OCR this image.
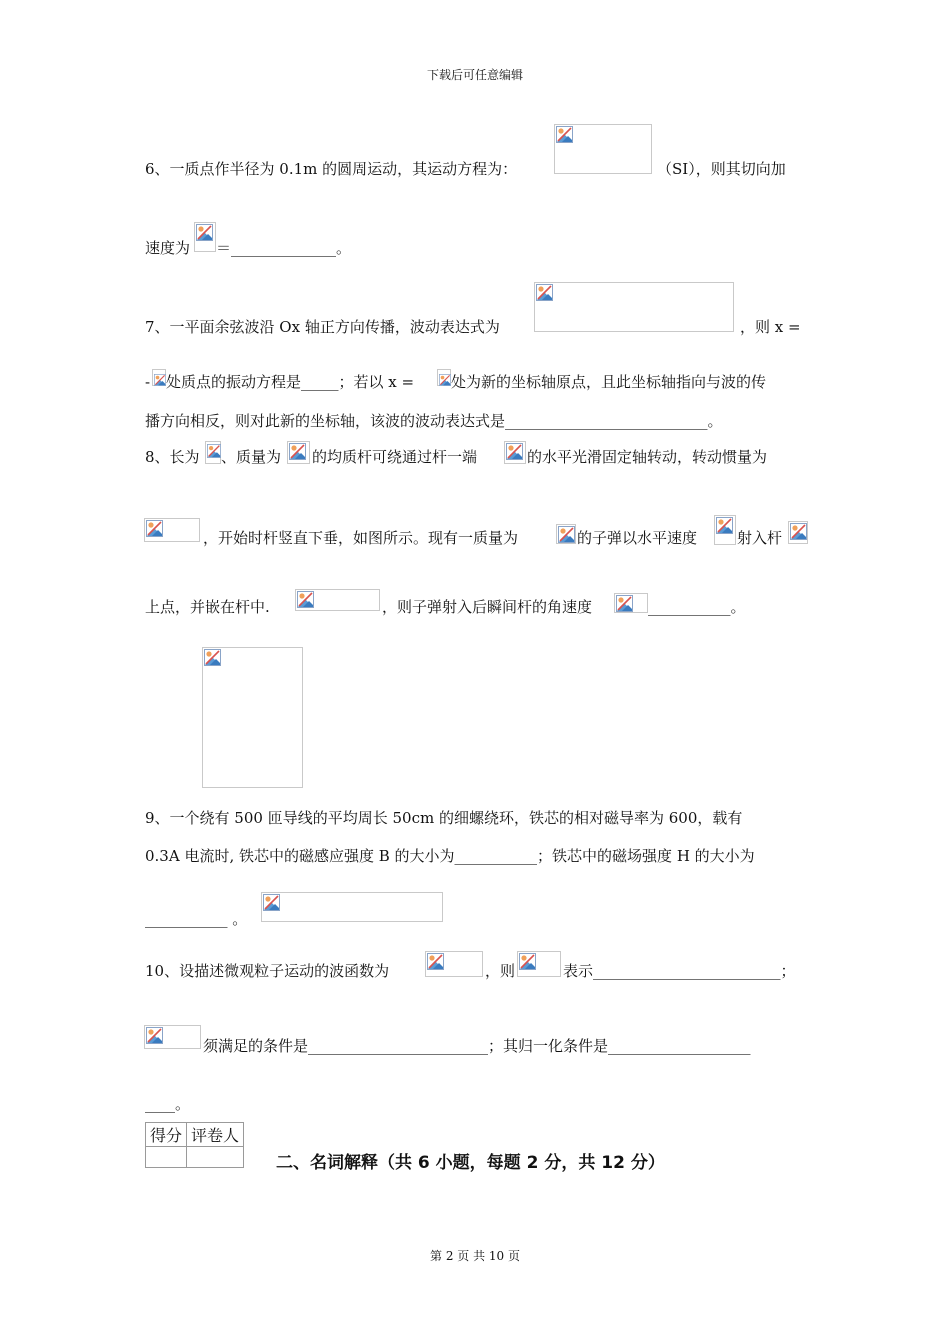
下载后可任意编辑
第 2 页 共 10 页
6、一质点作半径为 0.1m 的圆周运动，其运动方程为：	（SI），则其切向加
速度为 ＝______________。
7、一平面余弦波沿 Ox 轴正方向传播，波动表达式为	，则 x =
- 处质点的振动方程是_____；若以 x = 处为新的坐标轴原点，且此坐标轴指向与波的传
播方向相反，则对此新的坐标轴，该波的波动表达式是___________________________。
8、长为 、质量为 的均质杆可绕通过杆一端	的水平光滑固定轴转动，转动惯量为
，开始时杆竖直下垂，如图所示。现有一质量为	的子弹以水平速度	射入杆
上点，并嵌在杆中.	，则子弹射入后瞬间杆的角速度	___________。
9、一个绕有 500 匝导线的平均周长 50cm 的细螺绕环，铁芯的相对磁导率为 600，载有
0.3A 电流时, 铁芯中的磁感应强度 B 的大小为___________；铁芯中的磁场强度 H 的大小为
___________ 。
10、设描述微观粒子运动的波函数为	，则	表示_________________________；
须满足的条件是________________________；其归一化条件是___________________
____。
得分	评卷人

二、名词解释（共 6 小题，每题 2 分，共 12 分）
